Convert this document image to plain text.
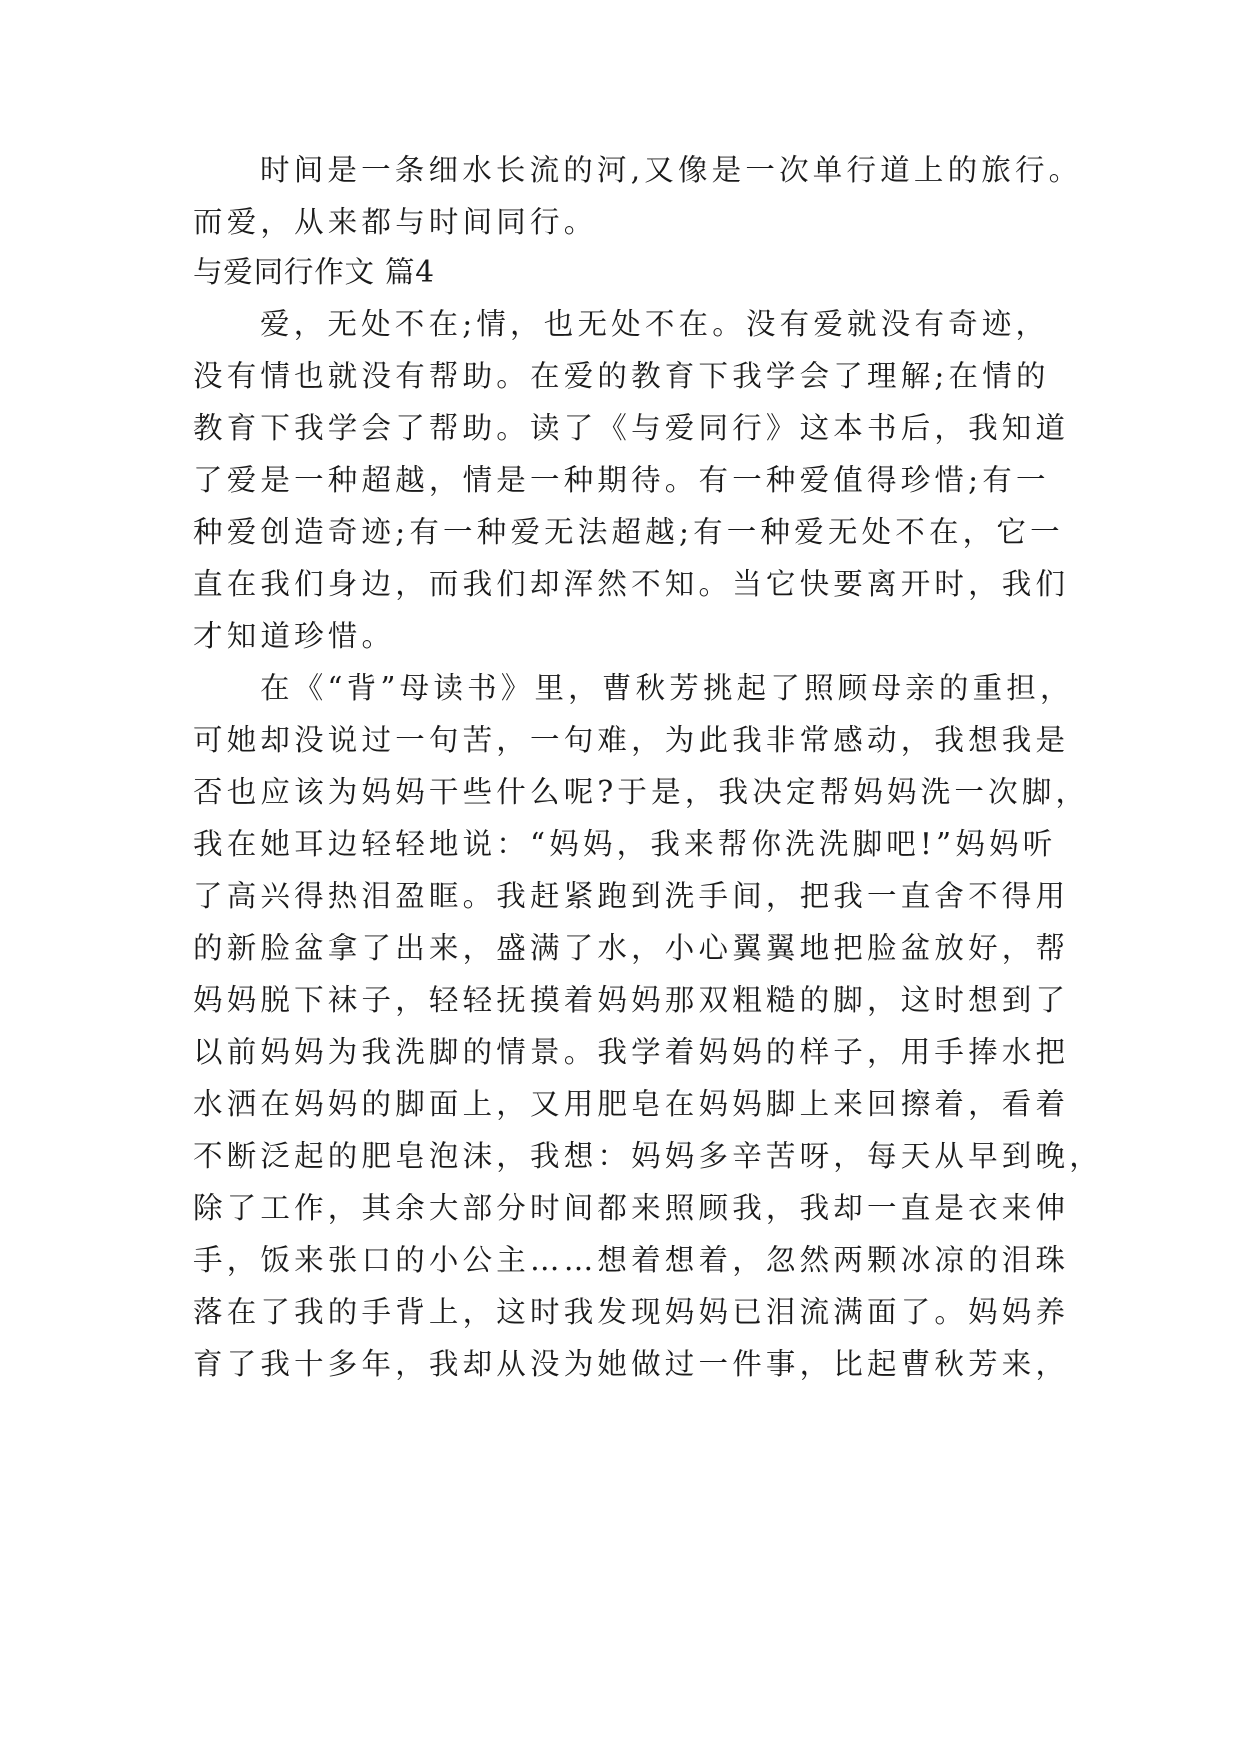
时间是一条细水长流的河,又像是一次单行道上的旅行。
而爱，从来都与时间同行。
与爱同行作文 篇4
爱，无处不在;情，也无处不在。没有爱就没有奇迹，
没有情也就没有帮助。在爱的教育下我学会了理解;在情的
教育下我学会了帮助。读了《与爱同行》这本书后，我知道
了爱是一种超越，情是一种期待。有一种爱值得珍惜;有一
种爱创造奇迹;有一种爱无法超越;有一种爱无处不在，它一
直在我们身边，而我们却浑然不知。当它快要离开时，我们
才知道珍惜。
在《“背”母读书》里，曹秋芳挑起了照顾母亲的重担，
可她却没说过一句苦，一句难，为此我非常感动，我想我是
否也应该为妈妈干些什么呢?于是，我决定帮妈妈洗一次脚，
我在她耳边轻轻地说：“妈妈，我来帮你洗洗脚吧!”妈妈听
了高兴得热泪盈眶。我赶紧跑到洗手间，把我一直舍不得用
的新脸盆拿了出来，盛满了水，小心翼翼地把脸盆放好，帮
妈妈脱下袜子，轻轻抚摸着妈妈那双粗糙的脚，这时想到了
以前妈妈为我洗脚的情景。我学着妈妈的样子，用手捧水把
水洒在妈妈的脚面上，又用肥皂在妈妈脚上来回擦着，看着
不断泛起的肥皂泡沫，我想：妈妈多辛苦呀，每天从早到晚，
除了工作，其余大部分时间都来照顾我，我却一直是衣来伸
手，饭来张口的小公主……想着想着，忽然两颗冰凉的泪珠
落在了我的手背上，这时我发现妈妈已泪流满面了。妈妈养
育了我十多年，我却从没为她做过一件事，比起曹秋芳来，
